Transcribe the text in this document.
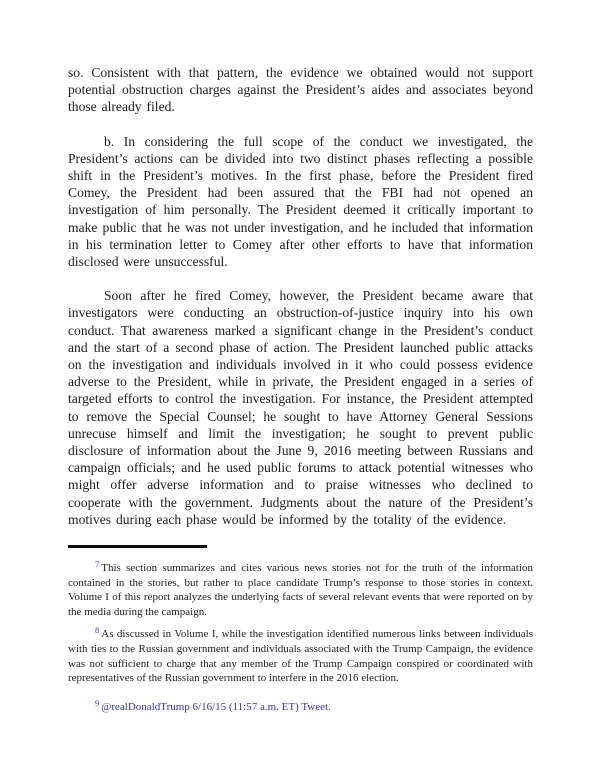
so. Consistent with that pattern, the evidence we obtained would not support potential obstruction charges against the President’s aides and associates beyond those already filed.

b. In considering the full scope of the conduct we investigated, the President’s actions can be divided into two distinct phases reflecting a possible shift in the President’s motives. In the first phase, before the President fired Comey, the President had been assured that the FBI had not opened an investigation of him personally. The President deemed it critically important to make public that he was not under investigation, and he included that information in his termination letter to Comey after other efforts to have that information disclosed were unsuccessful.

Soon after he fired Comey, however, the President became aware that investigators were conducting an obstruction-of-justice inquiry into his own conduct. That awareness marked a significant change in the President’s conduct and the start of a second phase of action. The President launched public attacks on the investigation and individuals involved in it who could possess evidence adverse to the President, while in private, the President engaged in a series of targeted efforts to control the investigation. For instance, the President attempted to remove the Special Counsel; he sought to have Attorney General Sessions unrecuse himself and limit the investigation; he sought to prevent public disclosure of information about the June 9, 2016 meeting between Russians and campaign officials; and he used public forums to attack potential witnesses who might offer adverse information and to praise witnesses who declined to cooperate with the government. Judgments about the nature of the President’s motives during each phase would be informed by the totality of the evidence.

$^7$ This section summarizes and cites various news stories not for the truth of the information contained in the stories, but rather to place candidate Trump’s response to those stories in context. Volume I of this report analyzes the underlying facts of several relevant events that were reported on by the media during the campaign.

$^8$ As discussed in Volume I, while the investigation identified numerous links between individuals with ties to the Russian government and individuals associated with the Trump Campaign, the evidence was not sufficient to charge that any member of the Trump Campaign conspired or coordinated with representatives of the Russian government to interfere in the 2016 election.

$^9$ @realDonaldTrump 6/16/15 (11:57 a.m. ET) Tweet.
